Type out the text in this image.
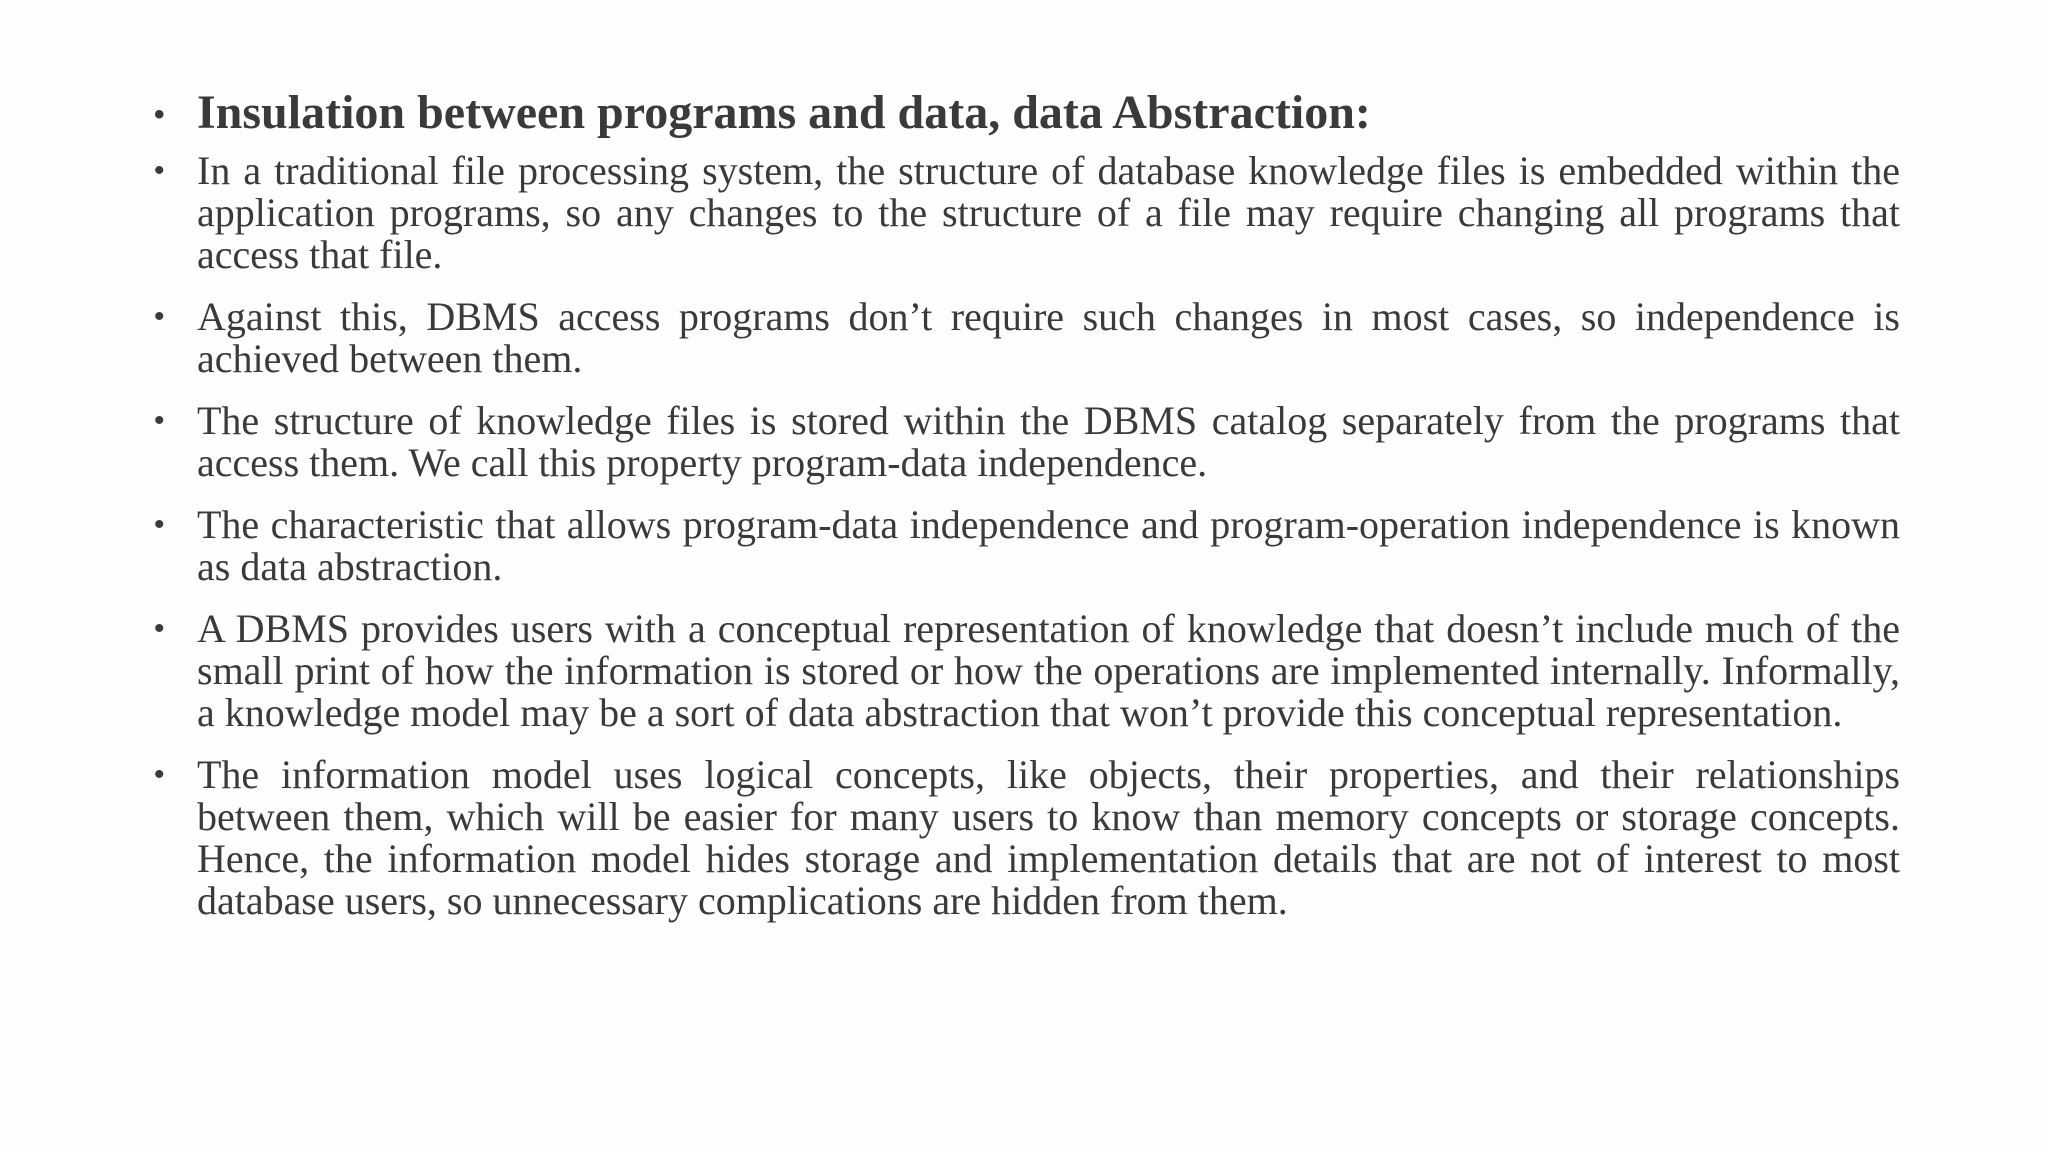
• Insulation between programs and data, data Abstraction:
• In a traditional file processing system, the structure of database knowledge files is embedded within the application programs, so any changes to the structure of a file may require changing all programs that access that file.
• Against this, DBMS access programs don’t require such changes in most cases, so independence is achieved between them.
• The structure of knowledge files is stored within the DBMS catalog separately from the programs that access them. We call this property program-data independence.
• The characteristic that allows program-data independence and program-operation independence is known as data abstraction.
• A DBMS provides users with a conceptual representation of knowledge that doesn’t include much of the small print of how the information is stored or how the operations are implemented internally. Informally, a knowledge model may be a sort of data abstraction that won’t provide this conceptual representation.
• The information model uses logical concepts, like objects, their properties, and their relationships between them, which will be easier for many users to know than memory concepts or storage concepts. Hence, the information model hides storage and implementation details that are not of interest to most database users, so unnecessary complications are hidden from them.
